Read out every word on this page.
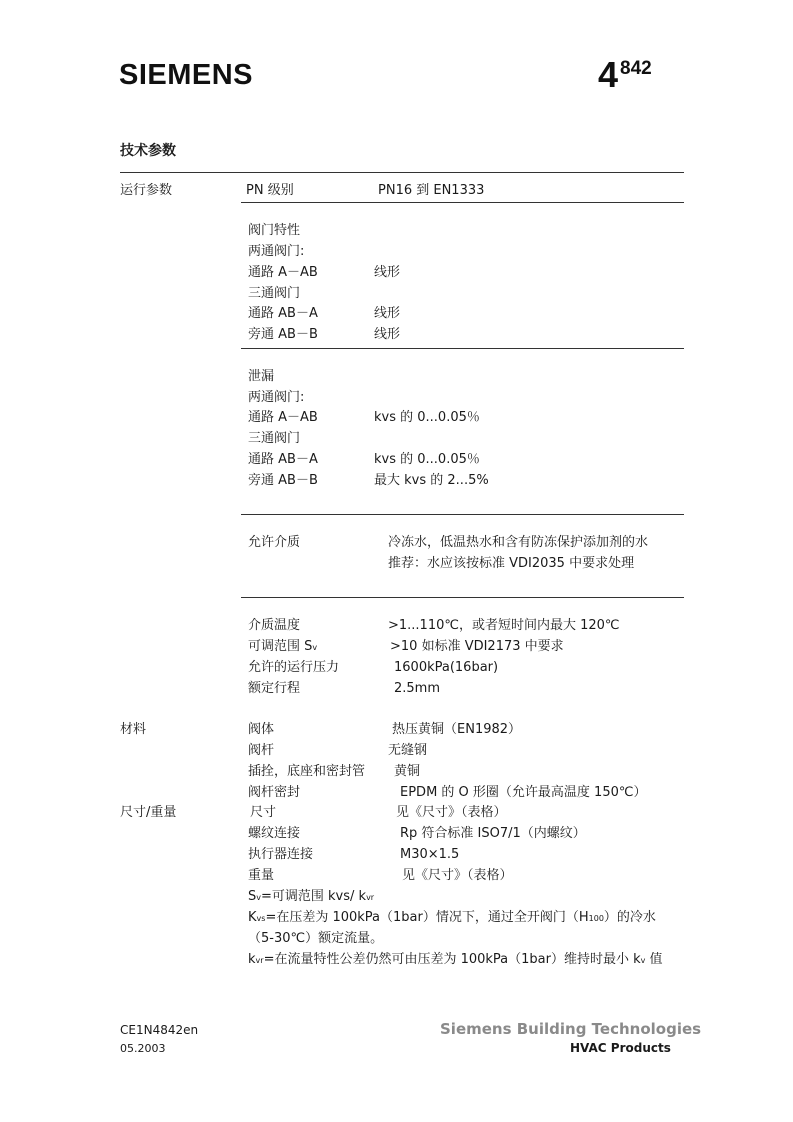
SIEMENS	4 842
技术参数
运行参数	PN 级别	PN16 到 EN1333
阀门特性
两通阀门:
通路 A－AB	线形
三通阀门
通路 AB－A	线形
旁通 AB－B	线形
泄漏
两通阀门:
通路 A－AB	kvs 的 0...0.05％
三通阀门
通路 AB－A	kvs 的 0...0.05％
旁通 AB－B	最大 kvs 的 2...5%
允许介质	冷冻水，低温热水和含有防冻保护添加剂的水
推荐：水应该按标准 VDI2035 中要求处理
介质温度	>1...110℃，或者短时间内最大 120℃
可调范围 Sv	>10 如标准 VDI2173 中要求
允许的运行压力	1600kPa(16bar)
额定行程	2.5mm
材料	阀体	热压黄铜（EN1982）
阀杆	无缝钢
插拴，底座和密封管 黄铜
阀杆密封	EPDM 的 O 形圈（允许最高温度 150℃）
尺寸/重量	尺寸	见《尺寸》（表格）
螺纹连接	Rp 符合标准 ISO7/1（内螺纹）
执行器连接	M30×1.5
重量	见《尺寸》（表格）
Sv=可调范围 kvs/ kvr
Kvs=在压差为 100kPa（1bar）情况下，通过全开阀门（H100）的冷水
（5-30℃）额定流量。
kvr=在流量特性公差仍然可由压差为 100kPa（1bar）维持时最小 kv 值
CE1N4842en
05.2003
Siemens Building Technologies
HVAC Products
